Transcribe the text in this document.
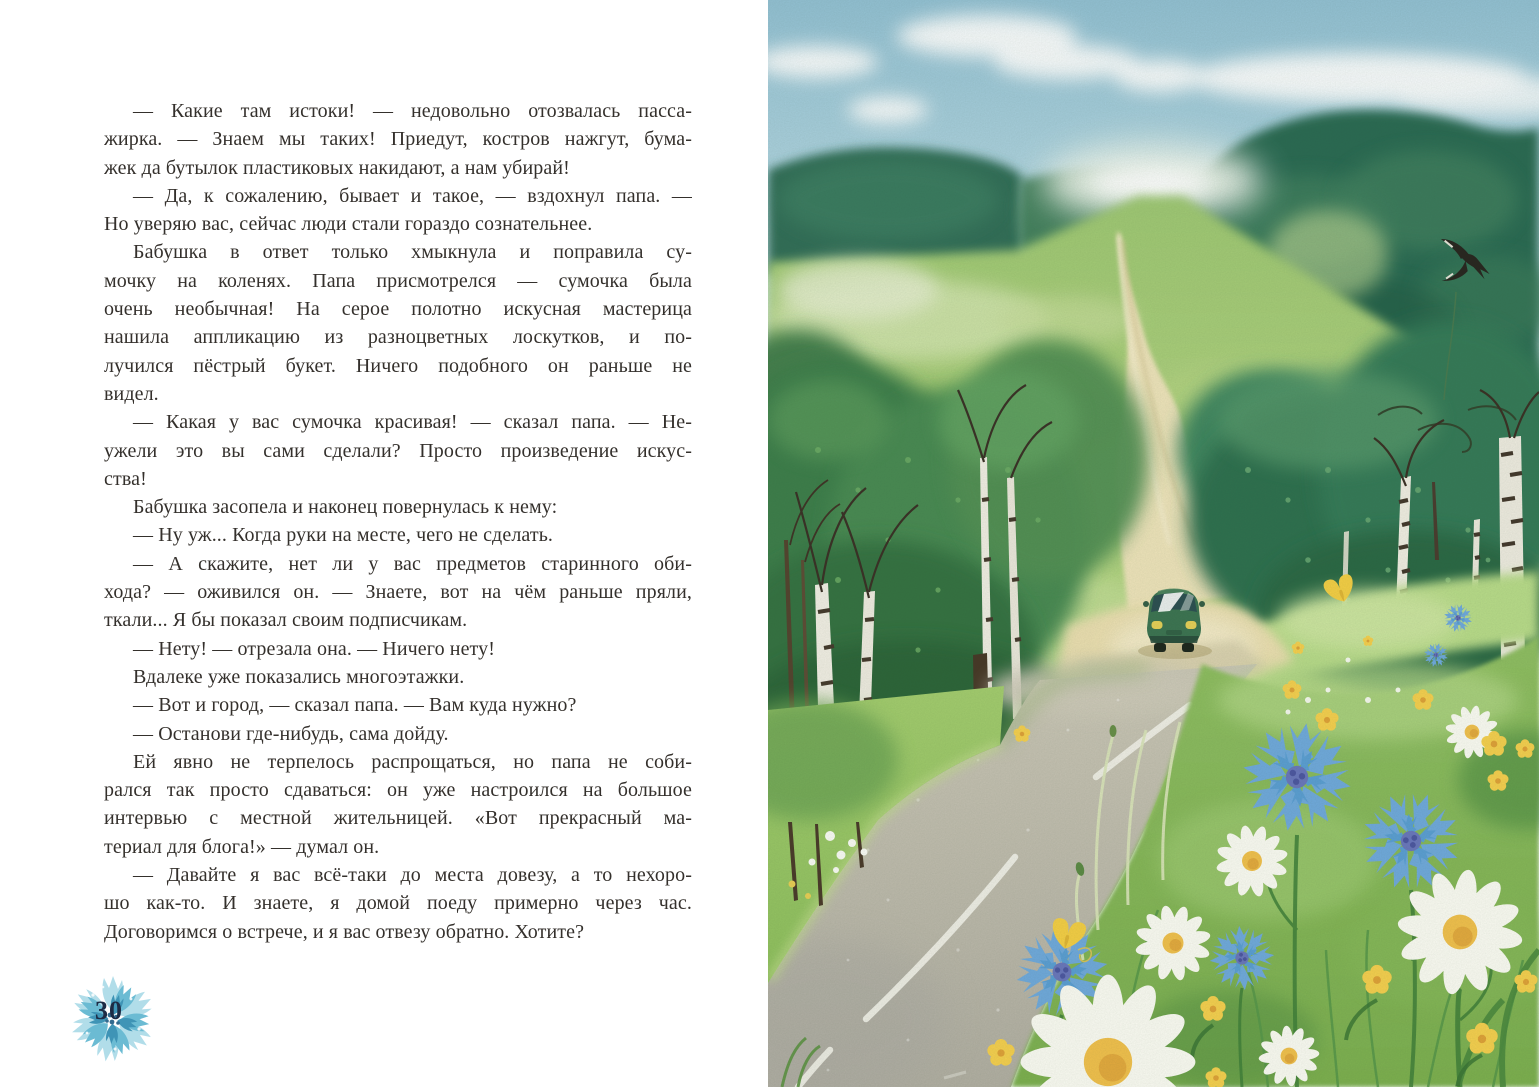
— Какие там истоки! — недовольно отозвалась пасса-
жирка. — Знаем мы таких! Приедут, костров нажгут, бума-
жек да бутылок пластиковых накидают, а нам убирай!
— Да, к сожалению, бывает и такое, — вздохнул папа. —
Но уверяю вас, сейчас люди стали гораздо сознательнее.
Бабушка в ответ только хмыкнула и поправила су-
мочку на коленях. Папа присмотрелся — сумочка была
очень необычная! На серое полотно искусная мастерица
нашила аппликацию из разноцветных лоскутков, и по-
лучился пёстрый букет. Ничего подобного он раньше не
видел.
— Какая у вас сумочка красивая! — сказал папа. — Не-
ужели это вы сами сделали? Просто произведение искус-
ства!
Бабушка засопела и наконец повернулась к нему:
— Ну уж... Когда руки на месте, чего не сделать.
— А скажите, нет ли у вас предметов старинного оби-
хода? — оживился он. — Знаете, вот на чём раньше пряли,
ткали... Я бы показал своим подписчикам.
— Нету! — отрезала она. — Ничего нету!
Вдалеке уже показались многоэтажки.
— Вот и город, — сказал папа. — Вам куда нужно?
— Останови где-нибудь, сама дойду.
Ей явно не терпелось распрощаться, но папа не соби-
рался так просто сдаваться: он уже настроился на большое
интервью с местной жительницей. «Вот прекрасный ма-
териал для блога!» — думал он.
— Давайте я вас всё-таки до места довезу, а то нехоро-
шо как-то. И знаете, я домой поеду примерно через час.
Договоримся о встрече, и я вас отвезу обратно. Хотите?
30
